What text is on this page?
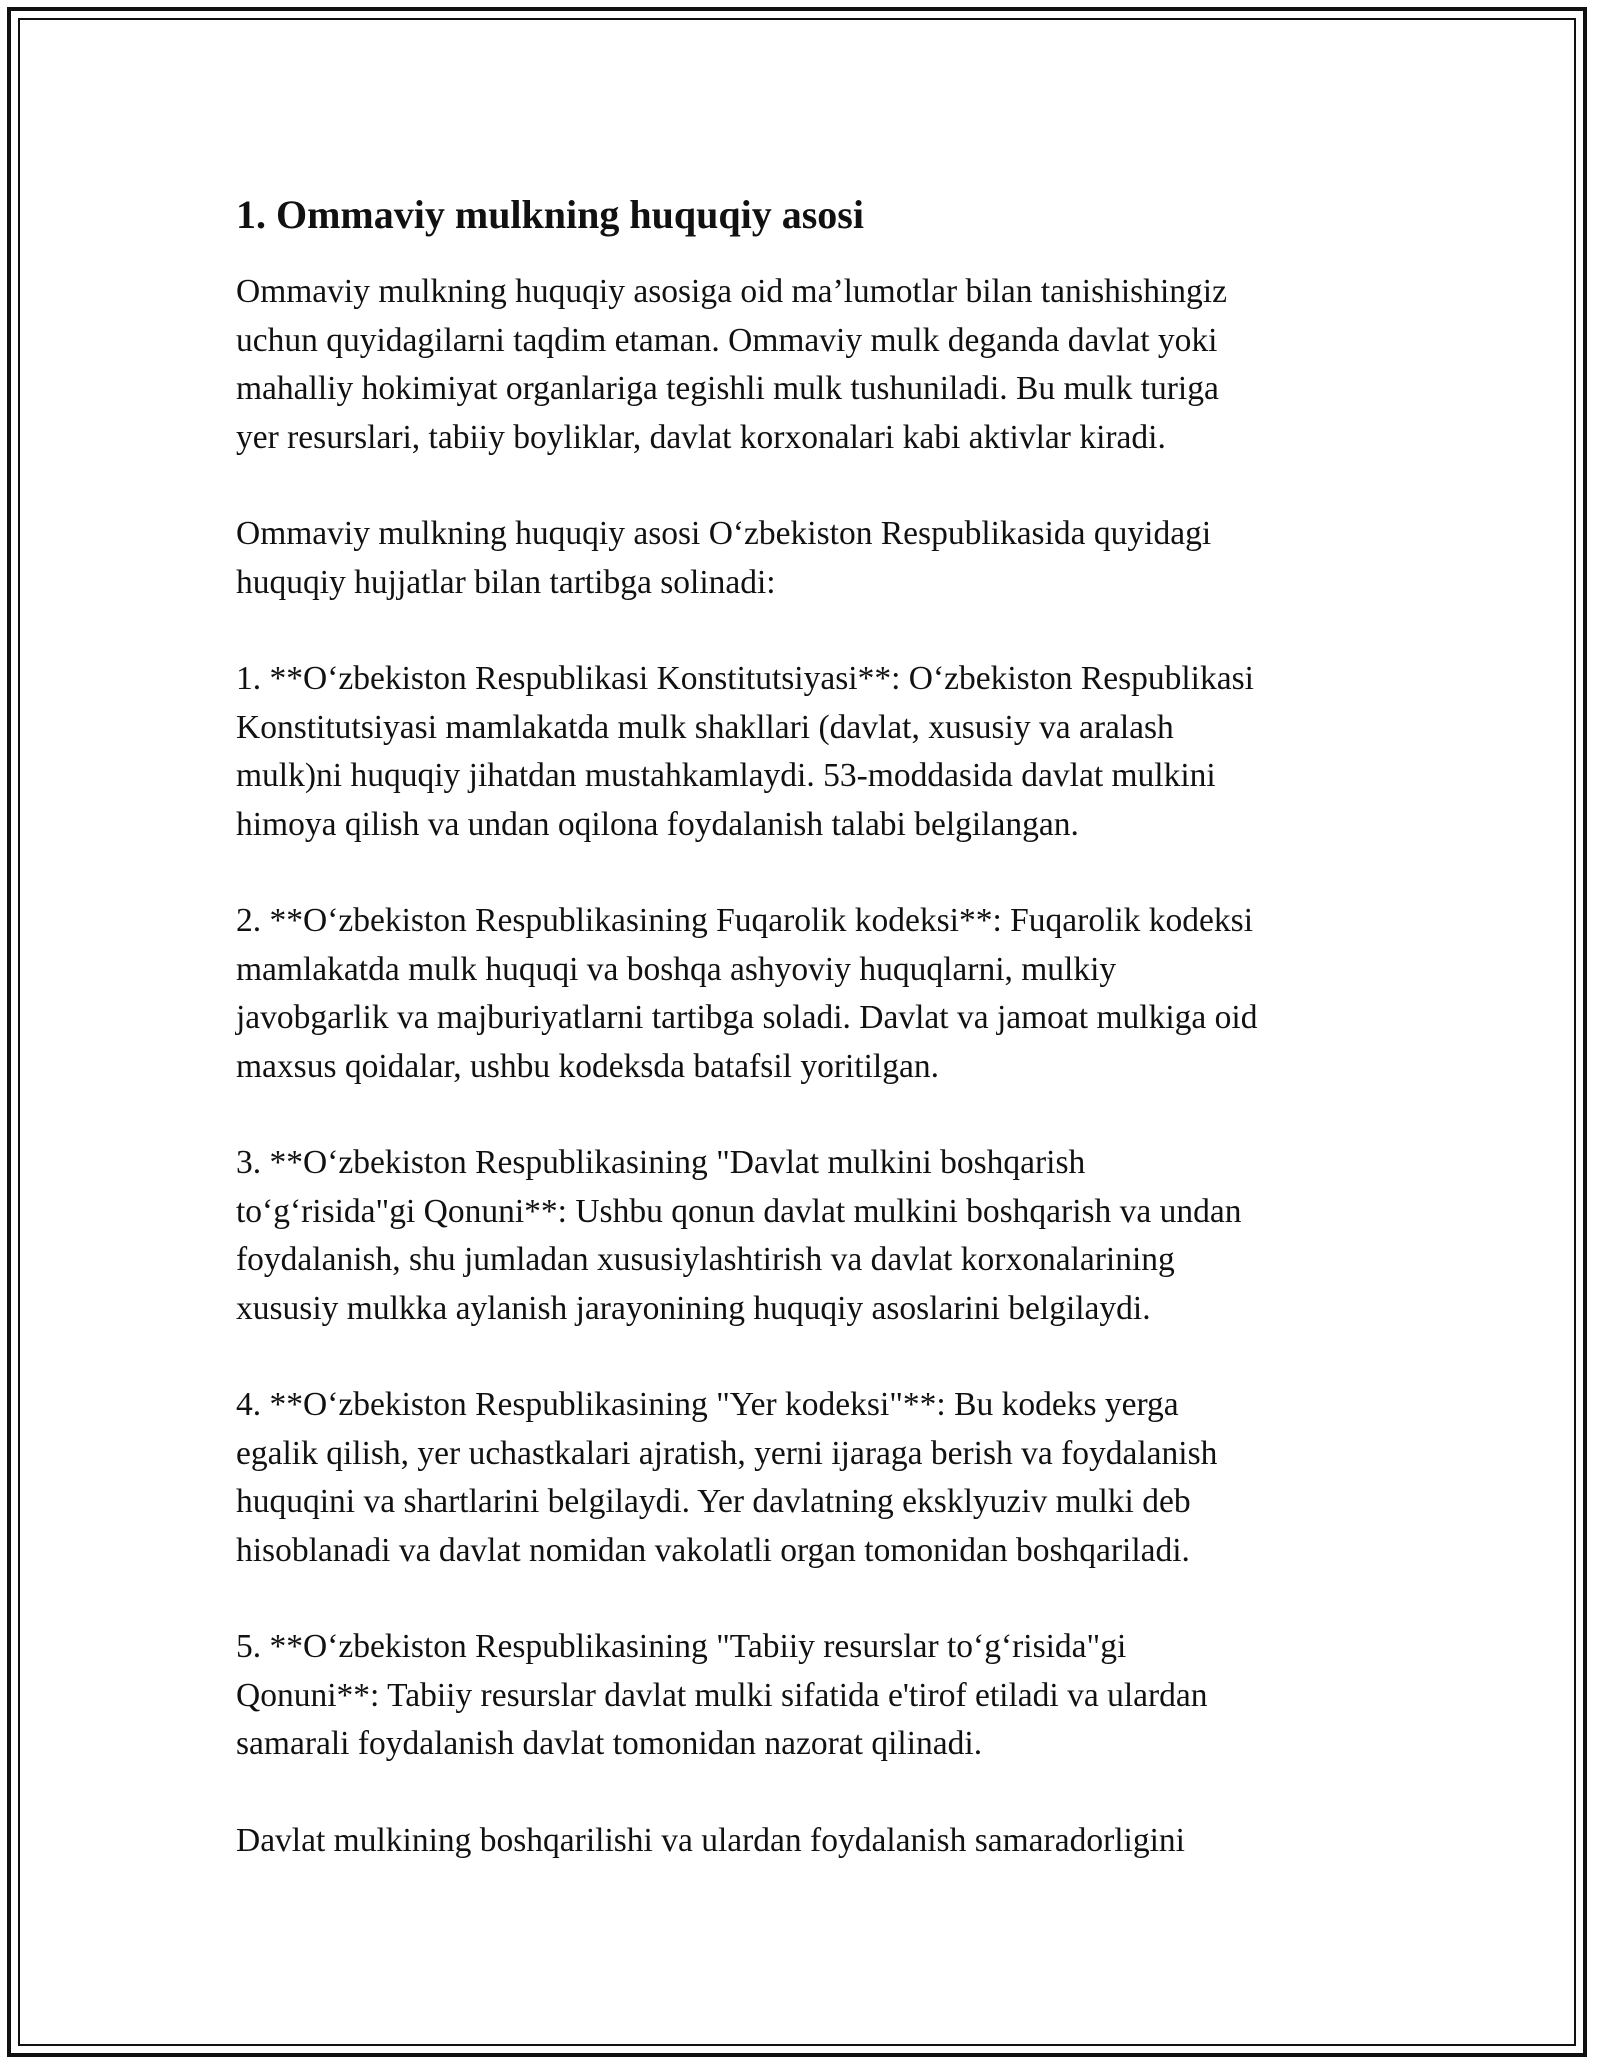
1. Ommaviy mulkning huquqiy asosi

Ommaviy mulkning huquqiy asosiga oid ma’lumotlar bilan tanishishingiz
uchun quyidagilarni taqdim etaman. Ommaviy mulk deganda davlat yoki
mahalliy hokimiyat organlariga tegishli mulk tushuniladi. Bu mulk turiga
yer resurslari, tabiiy boyliklar, davlat korxonalari kabi aktivlar kiradi.

Ommaviy mulkning huquqiy asosi O‘zbekiston Respublikasida quyidagi
huquqiy hujjatlar bilan tartibga solinadi:

1. **O‘zbekiston Respublikasi Konstitutsiyasi**: O‘zbekiston Respublikasi
Konstitutsiyasi mamlakatda mulk shakllari (davlat, xususiy va aralash
mulk)ni huquqiy jihatdan mustahkamlaydi. 53-moddasida davlat mulkini
himoya qilish va undan oqilona foydalanish talabi belgilangan.

2. **O‘zbekiston Respublikasining Fuqarolik kodeksi**: Fuqarolik kodeksi
mamlakatda mulk huquqi va boshqa ashyoviy huquqlarni, mulkiy
javobgarlik va majburiyatlarni tartibga soladi. Davlat va jamoat mulkiga oid
maxsus qoidalar, ushbu kodeksda batafsil yoritilgan.

3. **O‘zbekiston Respublikasining "Davlat mulkini boshqarish
to‘g‘risida"gi Qonuni**: Ushbu qonun davlat mulkini boshqarish va undan
foydalanish, shu jumladan xususiylashtirish va davlat korxonalarining
xususiy mulkka aylanish jarayonining huquqiy asoslarini belgilaydi.

4. **O‘zbekiston Respublikasining "Yer kodeksi"**: Bu kodeks yerga
egalik qilish, yer uchastkalari ajratish, yerni ijaraga berish va foydalanish
huquqini va shartlarini belgilaydi. Yer davlatning eksklyuziv mulki deb
hisoblanadi va davlat nomidan vakolatli organ tomonidan boshqariladi.

5. **O‘zbekiston Respublikasining "Tabiiy resurslar to‘g‘risida"gi
Qonuni**: Tabiiy resurslar davlat mulki sifatida e'tirof etiladi va ulardan
samarali foydalanish davlat tomonidan nazorat qilinadi.

Davlat mulkining boshqarilishi va ulardan foydalanish samaradorligini
